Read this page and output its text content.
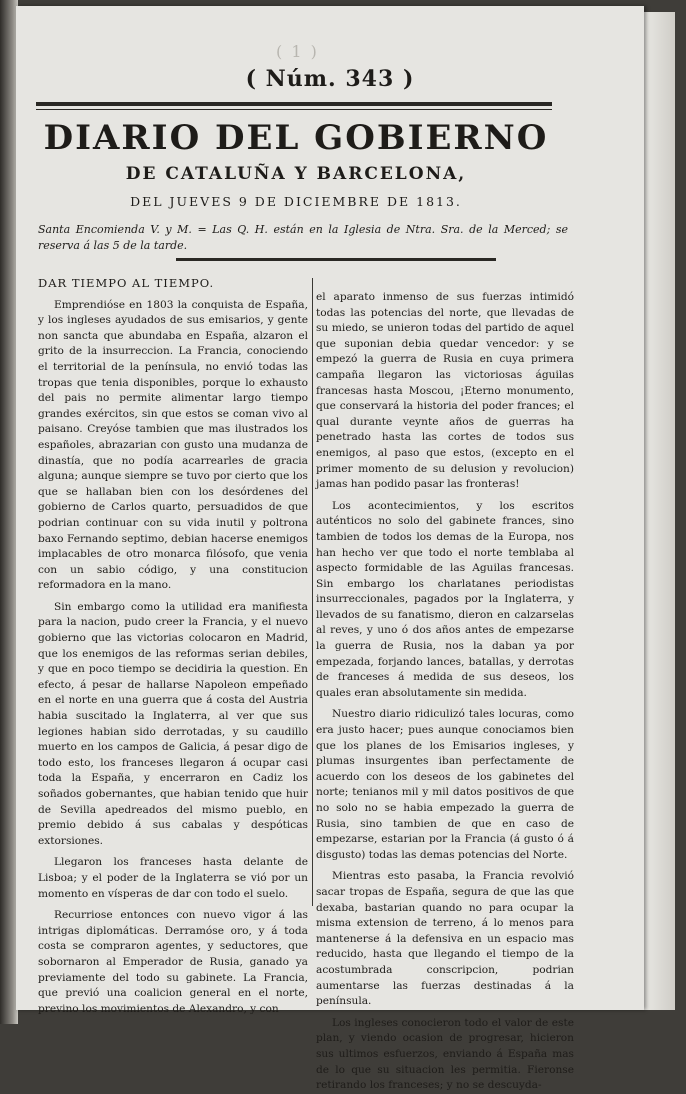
( 1 )
( Núm. 343 )
DIARIO DEL GOBIERNO
DE CATALUÑA Y BARCELONA,
DEL JUEVES 9 DE DICIEMBRE DE 1813.
Santa Encomienda V. y M. = Las Q. H. están en la Iglesia de Ntra. Sra. de la Merced; se reserva á las 5 de la tarde.

DAR TIEMPO AL TIEMPO.

Emprendióse en 1803 la conquista de España, y los ingleses ayudados de sus emisarios, y gente non sancta que abundaba en España, alzaron el grito de la insurreccion. La Francia, conociendo el territorial de la península, no envió todas las tropas que tenia disponibles, porque lo exhausto del pais no permite alimentar largo tiempo grandes exércitos, sin que estos se coman vivo al paisano. Creyóse tambien que mas ilustrados los españoles, abrazarian con gusto una mudanza de dinastía, que no podía acarrearles de gracia alguna; aunque siempre se tuvo por cierto que los que se hallaban bien con los desórdenes del gobierno de Carlos quarto, persuadidos de que podrian continuar con su vida inutil y poltrona baxo Fernando septimo, debian hacerse enemigos implacables de otro monarca filósofo, que venia con un sabio código, y una constitucion reformadora en la mano.

Sin embargo como la utilidad era manifiesta para la nacion, pudo creer la Francia, y el nuevo gobierno que las victorias colocaron en Madrid, que los enemigos de las reformas serian debiles, y que en poco tiempo se decidiria la question. En efecto, á pesar de hallarse Napoleon empeñado en el norte en una guerra que á costa del Austria habia suscitado la Inglaterra, al ver que sus legiones habian sido derrotadas, y su caudillo muerto en los campos de Galicia, á pesar digo de todo esto, los franceses llegaron á ocupar casi toda la España, y encerraron en Cadiz los soñados gobernantes, que habian tenido que huir de Sevilla apedreados del mismo pueblo, en premio debido á sus cabalas y despóticas extorsiones.

Llegaron los franceses hasta delante de Lisboa; y el poder de la Inglaterra se vió por un momento en vísperas de dar con todo el suelo.

Recurriose entonces con nuevo vigor á las intrigas diplomáticas. Derramóse oro, y á toda costa se compraron agentes, y seductores, que sobornaron al Emperador de Rusia, ganado ya previamente del todo su gabinete. La Francia, que previó una coalicion general en el norte, previno los movimientos de Alexandro, y con

el aparato inmenso de sus fuerzas intimidó todas las potencias del norte, que llevadas de su miedo, se unieron todas del partido de aquel que suponian debia quedar vencedor: y se empezó la guerra de Rusia en cuya primera campaña llegaron las victoriosas águilas francesas hasta Moscou, ¡Eterno monumento, que conservará la historia del poder frances; el qual durante veynte años de guerras ha penetrado hasta las cortes de todos sus enemigos, al paso que estos, (excepto en el primer momento de su delusion y revolucion) jamas han podido pasar las fronteras!

Los acontecimientos, y los escritos auténticos no solo del gabinete frances, sino tambien de todos los demas de la Europa, nos han hecho ver que todo el norte temblaba al aspecto formidable de las Aguilas francesas. Sin embargo los charlatanes periodistas insurreccionales, pagados por la Inglaterra, y llevados de su fanatismo, dieron en calzarselas al reves, y uno ó dos años antes de empezarse la guerra de Rusia, nos la daban ya por empezada, forjando lances, batallas, y derrotas de franceses á medida de sus deseos, los quales eran absolutamente sin medida.

Nuestro diario ridiculizó tales locuras, como era justo hacer; pues aunque conociamos bien que los planes de los Emisarios ingleses, y plumas insurgentes iban perfectamente de acuerdo con los deseos de los gabinetes del norte; tenianos mil y mil datos positivos de que no solo no se habia empezado la guerra de Rusia, sino tambien de que en caso de empezarse, estarian por la Francia (á gusto ó á disgusto) todas las demas potencias del Norte.

Mientras esto pasaba, la Francia revolvió sacar tropas de España, segura de que las que dexaba, bastarian quando no para ocupar la misma extension de terreno, á lo menos para mantenerse á la defensiva en un espacio mas reducido, hasta que llegando el tiempo de la acostumbrada conscripcion, podrian aumentarse las fuerzas destinadas á la península.

Los ingleses conocieron todo el valor de este plan, y viendo ocasion de progresar, hicieron sus ultimos esfuerzos, enviando á España mas de lo que su situacion les permitia. Fieronse retirando los franceses; y no se descuyda-
